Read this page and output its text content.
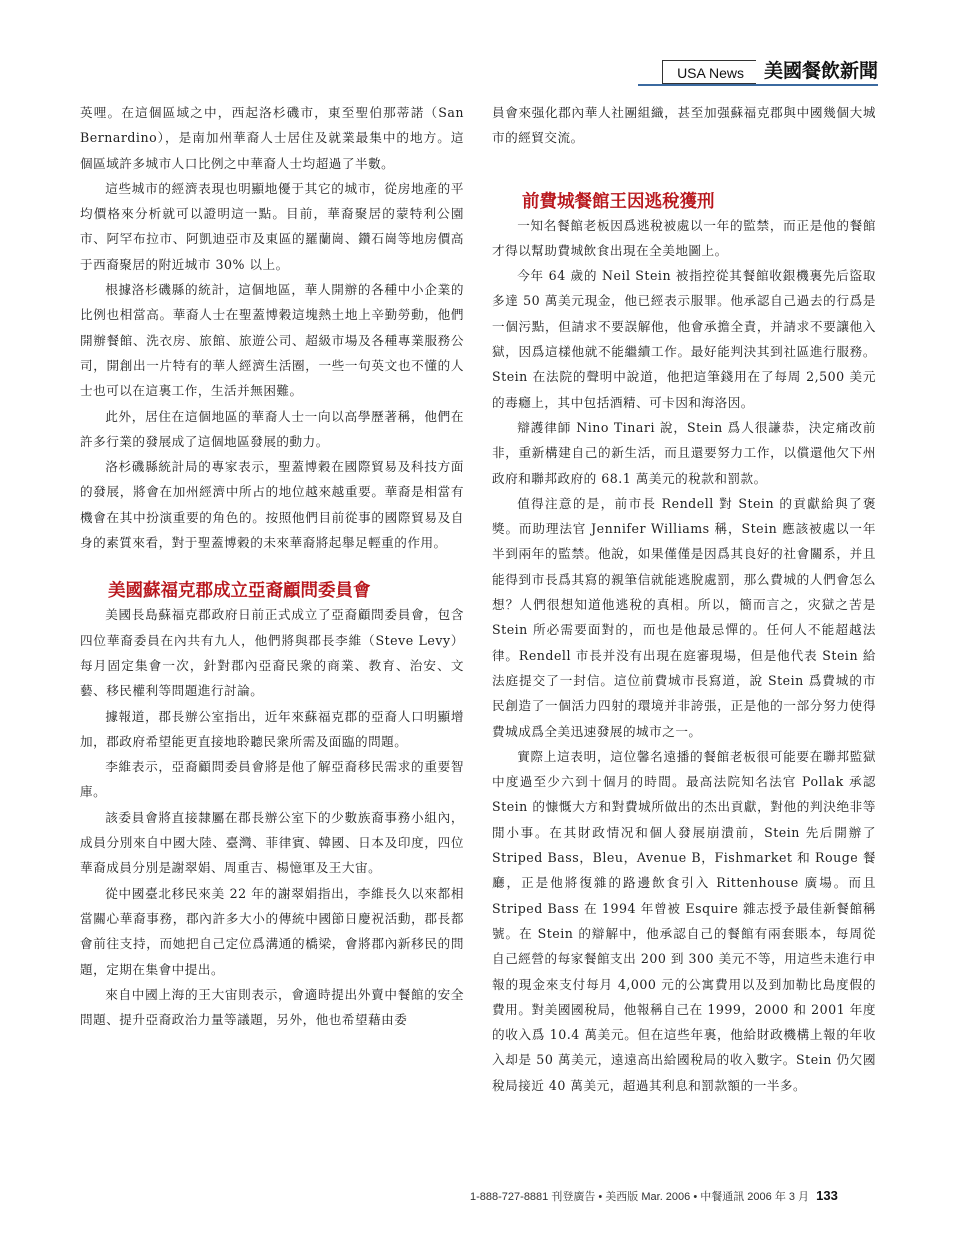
USA News	美國餐飲新聞

英哩。在這個區域之中，西起洛杉磯市，東至聖伯那蒂諾（San Bernardino），是南加州華裔人士居住及就業最集中的地方。這個區域許多城市人口比例之中華裔人士均超過了半數。

這些城市的經濟表現也明顯地優于其它的城市，從房地產的平均價格來分析就可以證明這一點。目前，華裔聚居的蒙特利公園市、阿罕布拉市、阿凱迪亞市及東區的羅蘭崗、鑽石崗等地房價高于西裔聚居的附近城市 30% 以上。

根據洛杉磯縣的統計，這個地區，華人開辦的各種中小企業的比例也相當高。華裔人士在聖蓋博穀這塊熱土地上辛勤勞動，他們開辦餐館、洗衣房、旅館、旅遊公司、超級市場及各種專業服務公司，開創出一片特有的華人經濟生活圈，一些一句英文也不懂的人士也可以在這裏工作，生活并無困難。

此外，居住在這個地區的華裔人士一向以高學歷著稱，他們在許多行業的發展成了這個地區發展的動力。

洛杉磯縣統計局的專家表示，聖蓋博穀在國際貿易及科技方面的發展，將會在加州經濟中所占的地位越來越重要。華裔是相當有機會在其中扮演重要的角色的。按照他們目前從事的國際貿易及自身的素質來看，對于聖蓋博穀的未來華裔將起舉足輕重的作用。

美國蘇福克郡成立亞裔顧問委員會

美國長島蘇福克郡政府日前正式成立了亞裔顧問委員會，包含四位華裔委員在內共有九人，他們將與郡長李維（Steve Levy）每月固定集會一次，針對郡內亞裔民衆的商業、教育、治安、文藝、移民權利等問題進行討論。

據報道，郡長辦公室指出，近年來蘇福克郡的亞裔人口明顯增加，郡政府希望能更直接地聆聽民衆所需及面臨的問題。

李維表示，亞裔顧問委員會將是他了解亞裔移民需求的重要智庫。

該委員會將直接隸屬在郡長辦公室下的少數族裔事務小組內，成員分別來自中國大陸、臺灣、菲律賓、韓國、日本及印度，四位華裔成員分別是謝翠娟、周重吉、楊憶軍及王大宙。

從中國臺北移民來美 22 年的謝翠娟指出，李維長久以來都相當關心華裔事務，郡內許多大小的傳統中國節日慶祝活動，郡長都會前往支持，而她把自己定位爲溝通的橋梁，會將郡內新移民的問題，定期在集會中提出。

來自中國上海的王大宙則表示，會適時提出外賣中餐館的安全問題、提升亞裔政治力量等議題，另外，他也希望藉由委

員會來强化郡內華人社團組織，甚至加强蘇福克郡與中國幾個大城市的經貿交流。

前費城餐館王因逃稅獲刑

一知名餐館老板因爲逃稅被處以一年的監禁，而正是他的餐館才得以幫助費城飲食出現在全美地圖上。

今年 64 歲的 Neil Stein 被指控從其餐館收銀機裏先后盜取多達 50 萬美元現金，他已經表示服罪。他承認自己過去的行爲是一個污點，但請求不要誤解他，他會承擔全責，并請求不要讓他入獄，因爲這樣他就不能繼續工作。最好能判決其到社區進行服務。Stein 在法院的聲明中說道，他把這筆錢用在了每周 2,500 美元的毒癮上，其中包括酒精、可卡因和海洛因。

辯護律師 Nino Tinari 說，Stein 爲人很謙恭，決定痛改前非，重新構建自己的新生活，而且還要努力工作，以償還他欠下州政府和聯邦政府的 68.1 萬美元的稅款和罰款。

值得注意的是，前市長 Rendell 對 Stein 的貢獻給與了褒獎。而助理法官 Jennifer Williams 稱，Stein 應該被處以一年半到兩年的監禁。他說，如果僅僅是因爲其良好的社會關系，并且能得到市長爲其寫的親筆信就能逃脫處罰，那么費城的人們會怎么想？人們很想知道他逃稅的真相。所以，簡而言之，灾獄之苦是 Stein 所必需要面對的，而也是他最忌憚的。任何人不能超越法律。Rendell 市長并没有出現在庭審現場，但是他代表 Stein 給法庭提交了一封信。這位前費城市長寫道，說 Stein 爲費城的市民創造了一個活力四射的環境并非誇張，正是他的一部分努力使得費城成爲全美迅速發展的城市之一。

實際上這表明，這位馨名遠播的餐館老板很可能要在聯邦監獄中度過至少六到十個月的時間。最高法院知名法官 Pollak 承認 Stein 的慷慨大方和對費城所做出的杰出貢獻，對他的判決绝非等閒小事。在其財政情况和個人發展崩潰前，Stein 先后開辦了 Striped Bass，Bleu，Avenue B，Fishmarket 和 Rouge 餐廳，正是他將復雜的路邊飲食引入 Rittenhouse 廣場。而且 Striped Bass 在 1994 年曾被 Esquire 雜志授予最佳新餐館稱號。在 Stein 的辯解中，他承認自己的餐館有兩套賬本，每周從自己經營的每家餐館支出 200 到 300 美元不等，用這些未進行申報的現金來支付每月 4,000 元的公寓費用以及到加勒比島度假的費用。對美國國稅局，他報稱自己在 1999，2000 和 2001 年度的收入爲 10.4 萬美元。但在這些年裏，他給財政機構上報的年收入却是 50 萬美元，遠遠高出給國稅局的收入數字。Stein 仍欠國稅局接近 40 萬美元，超過其利息和罰款額的一半多。

1-888-727-8881 刊登廣告 • 美西版 Mar. 2006 • 中餐通訊 2006 年 3 月 133
